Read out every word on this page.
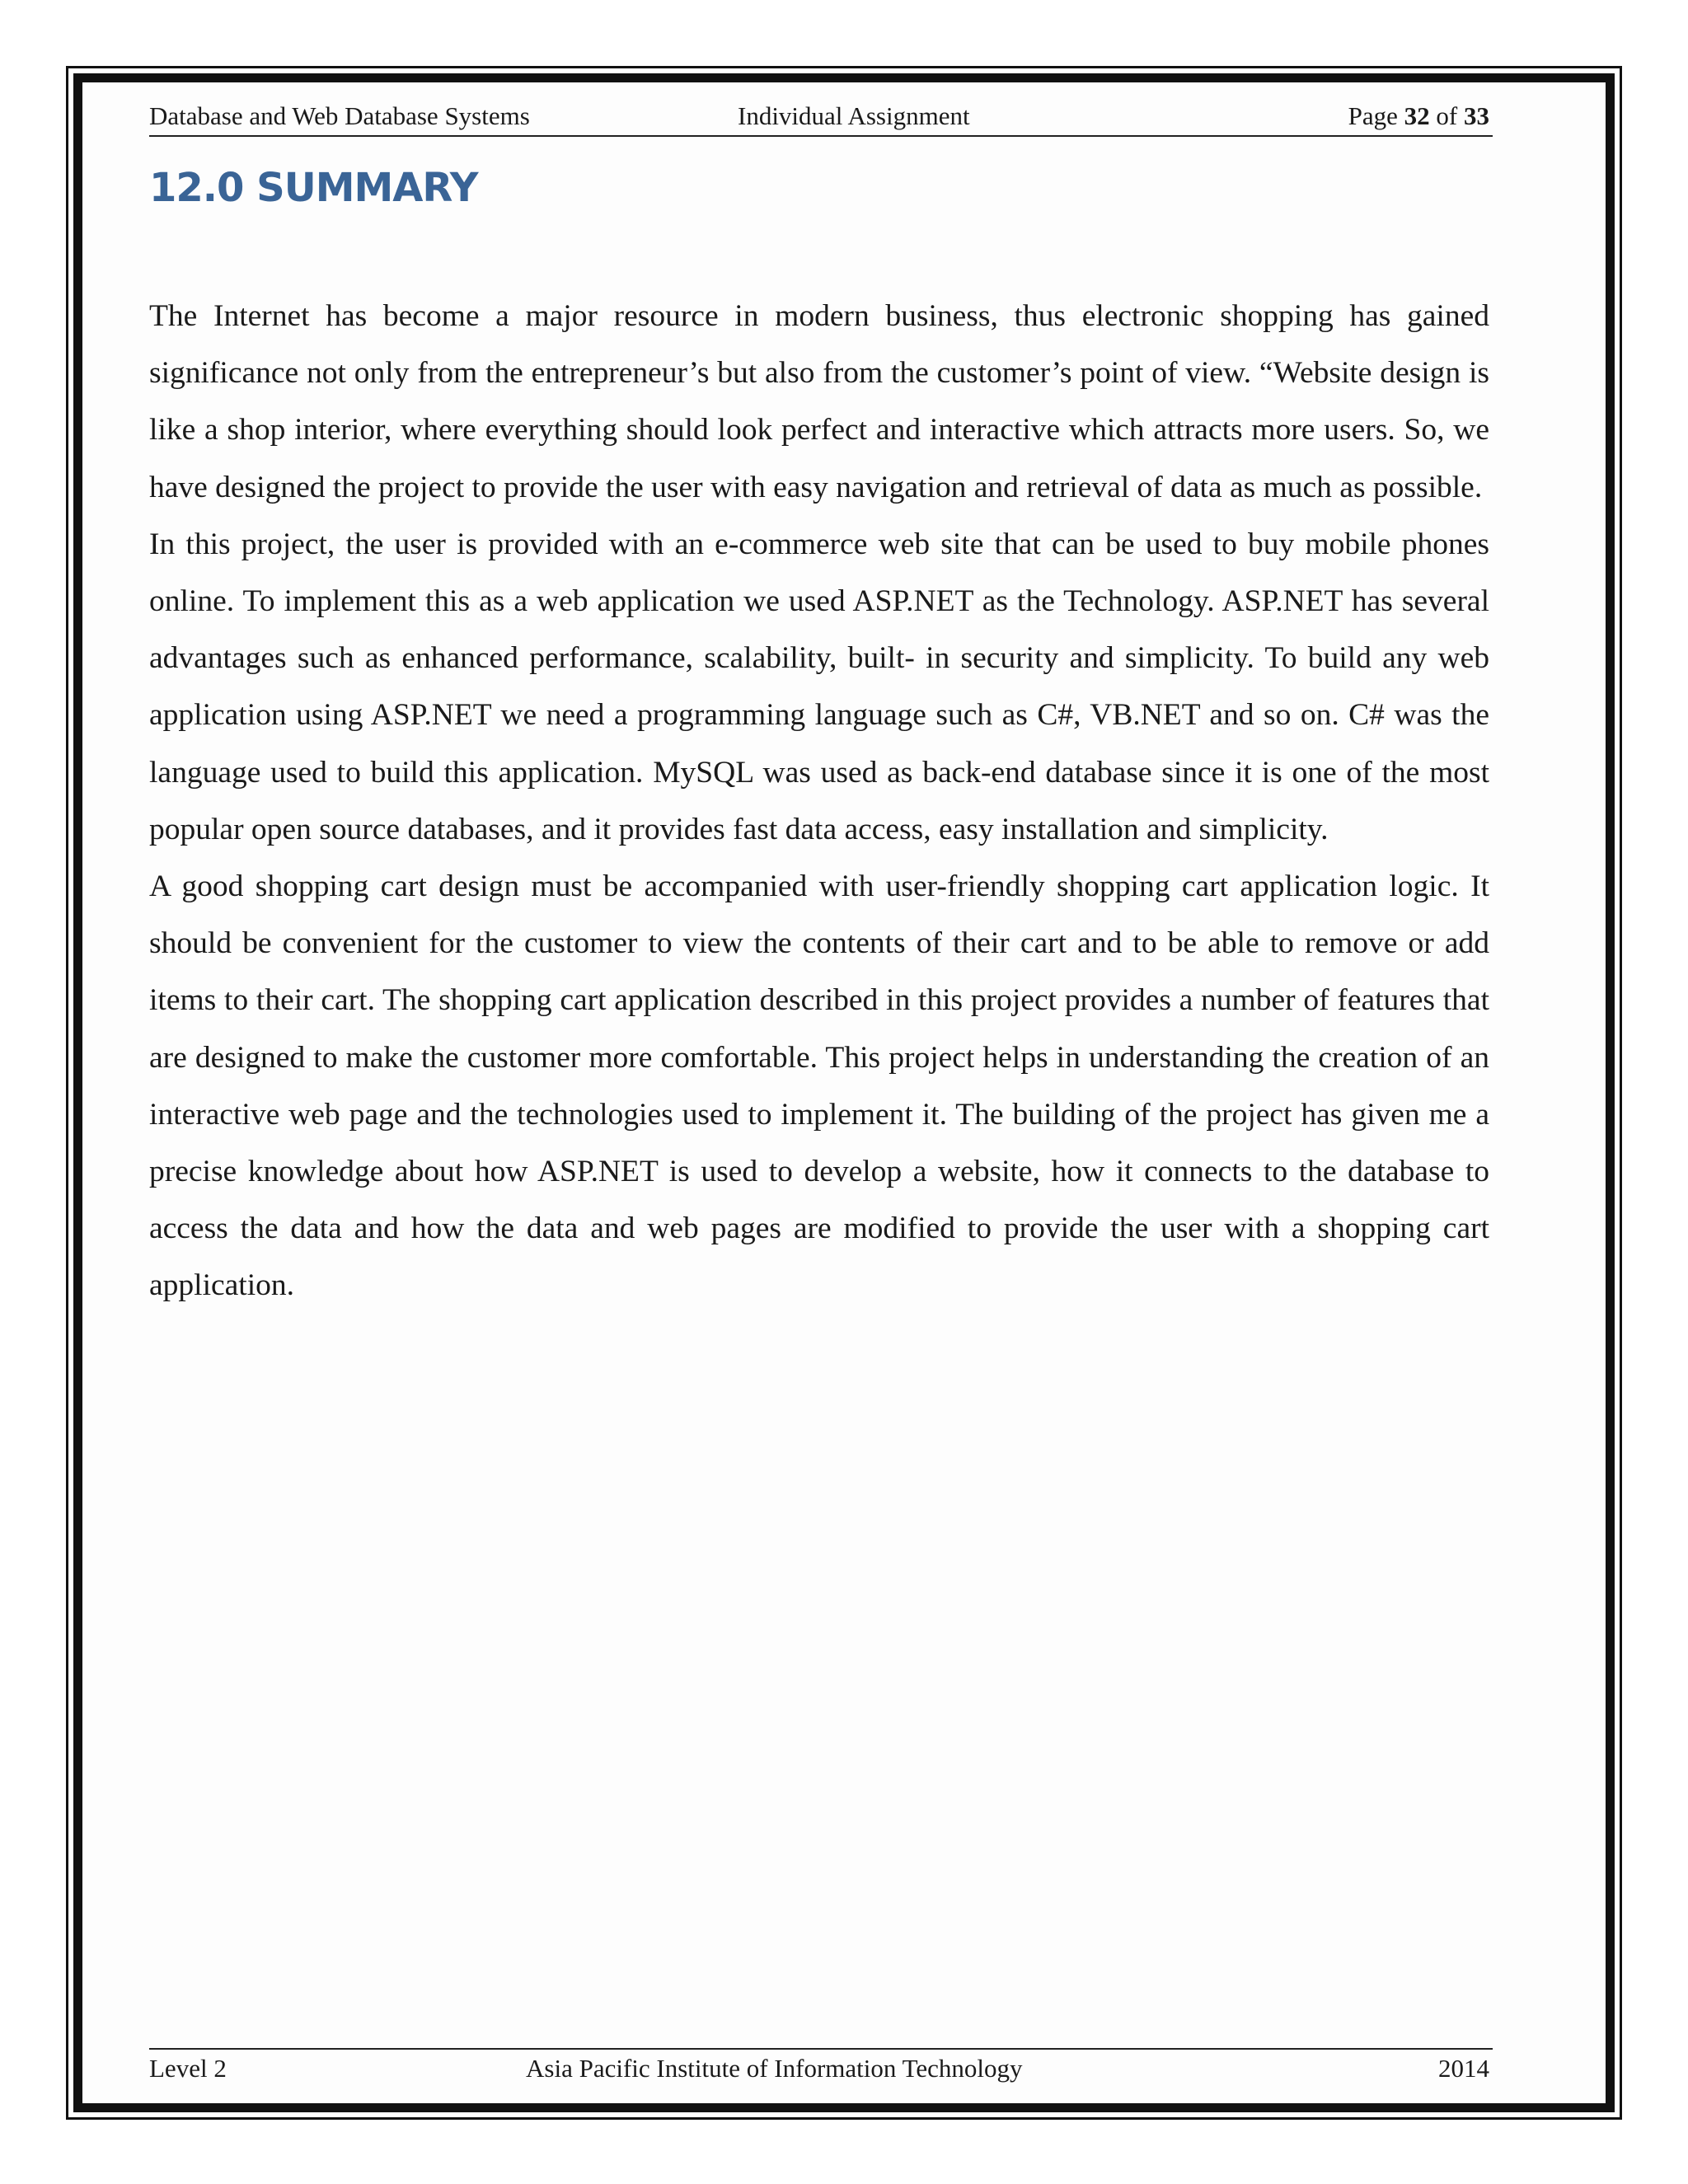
Database and Web Database Systems	Individual Assignment	Page 32 of 33
12.0 SUMMARY

The Internet has become a major resource in modern business, thus electronic shopping has gained significance not only from the entrepreneur’s but also from the customer’s point of view. “Website design is like a shop interior, where everything should look perfect and interactive which attracts more users. So, we have designed the project to provide the user with easy navigation and retrieval of data as much as possible.

In this project, the user is provided with an e-commerce web site that can be used to buy mobile phones online. To implement this as a web application we used ASP.NET as the Technology. ASP.NET has several advantages such as enhanced performance, scalability, built- in security and simplicity. To build any web application using ASP.NET we need a programming language such as C#, VB.NET and so on. C# was the language used to build this application. MySQL was used as back-end database since it is one of the most popular open source databases, and it provides fast data access, easy installation and simplicity.

A good shopping cart design must be accompanied with user-friendly shopping cart application logic. It should be convenient for the customer to view the contents of their cart and to be able to remove or add items to their cart. The shopping cart application described in this project provides a number of features that are designed to make the customer more comfortable. This project helps in understanding the creation of an interactive web page and the technologies used to implement it. The building of the project has given me a precise knowledge about how ASP.NET is used to develop a website, how it connects to the database to access the data and how the data and web pages are modified to provide the user with a shopping cart application.

Level 2	Asia Pacific Institute of Information Technology	2014
